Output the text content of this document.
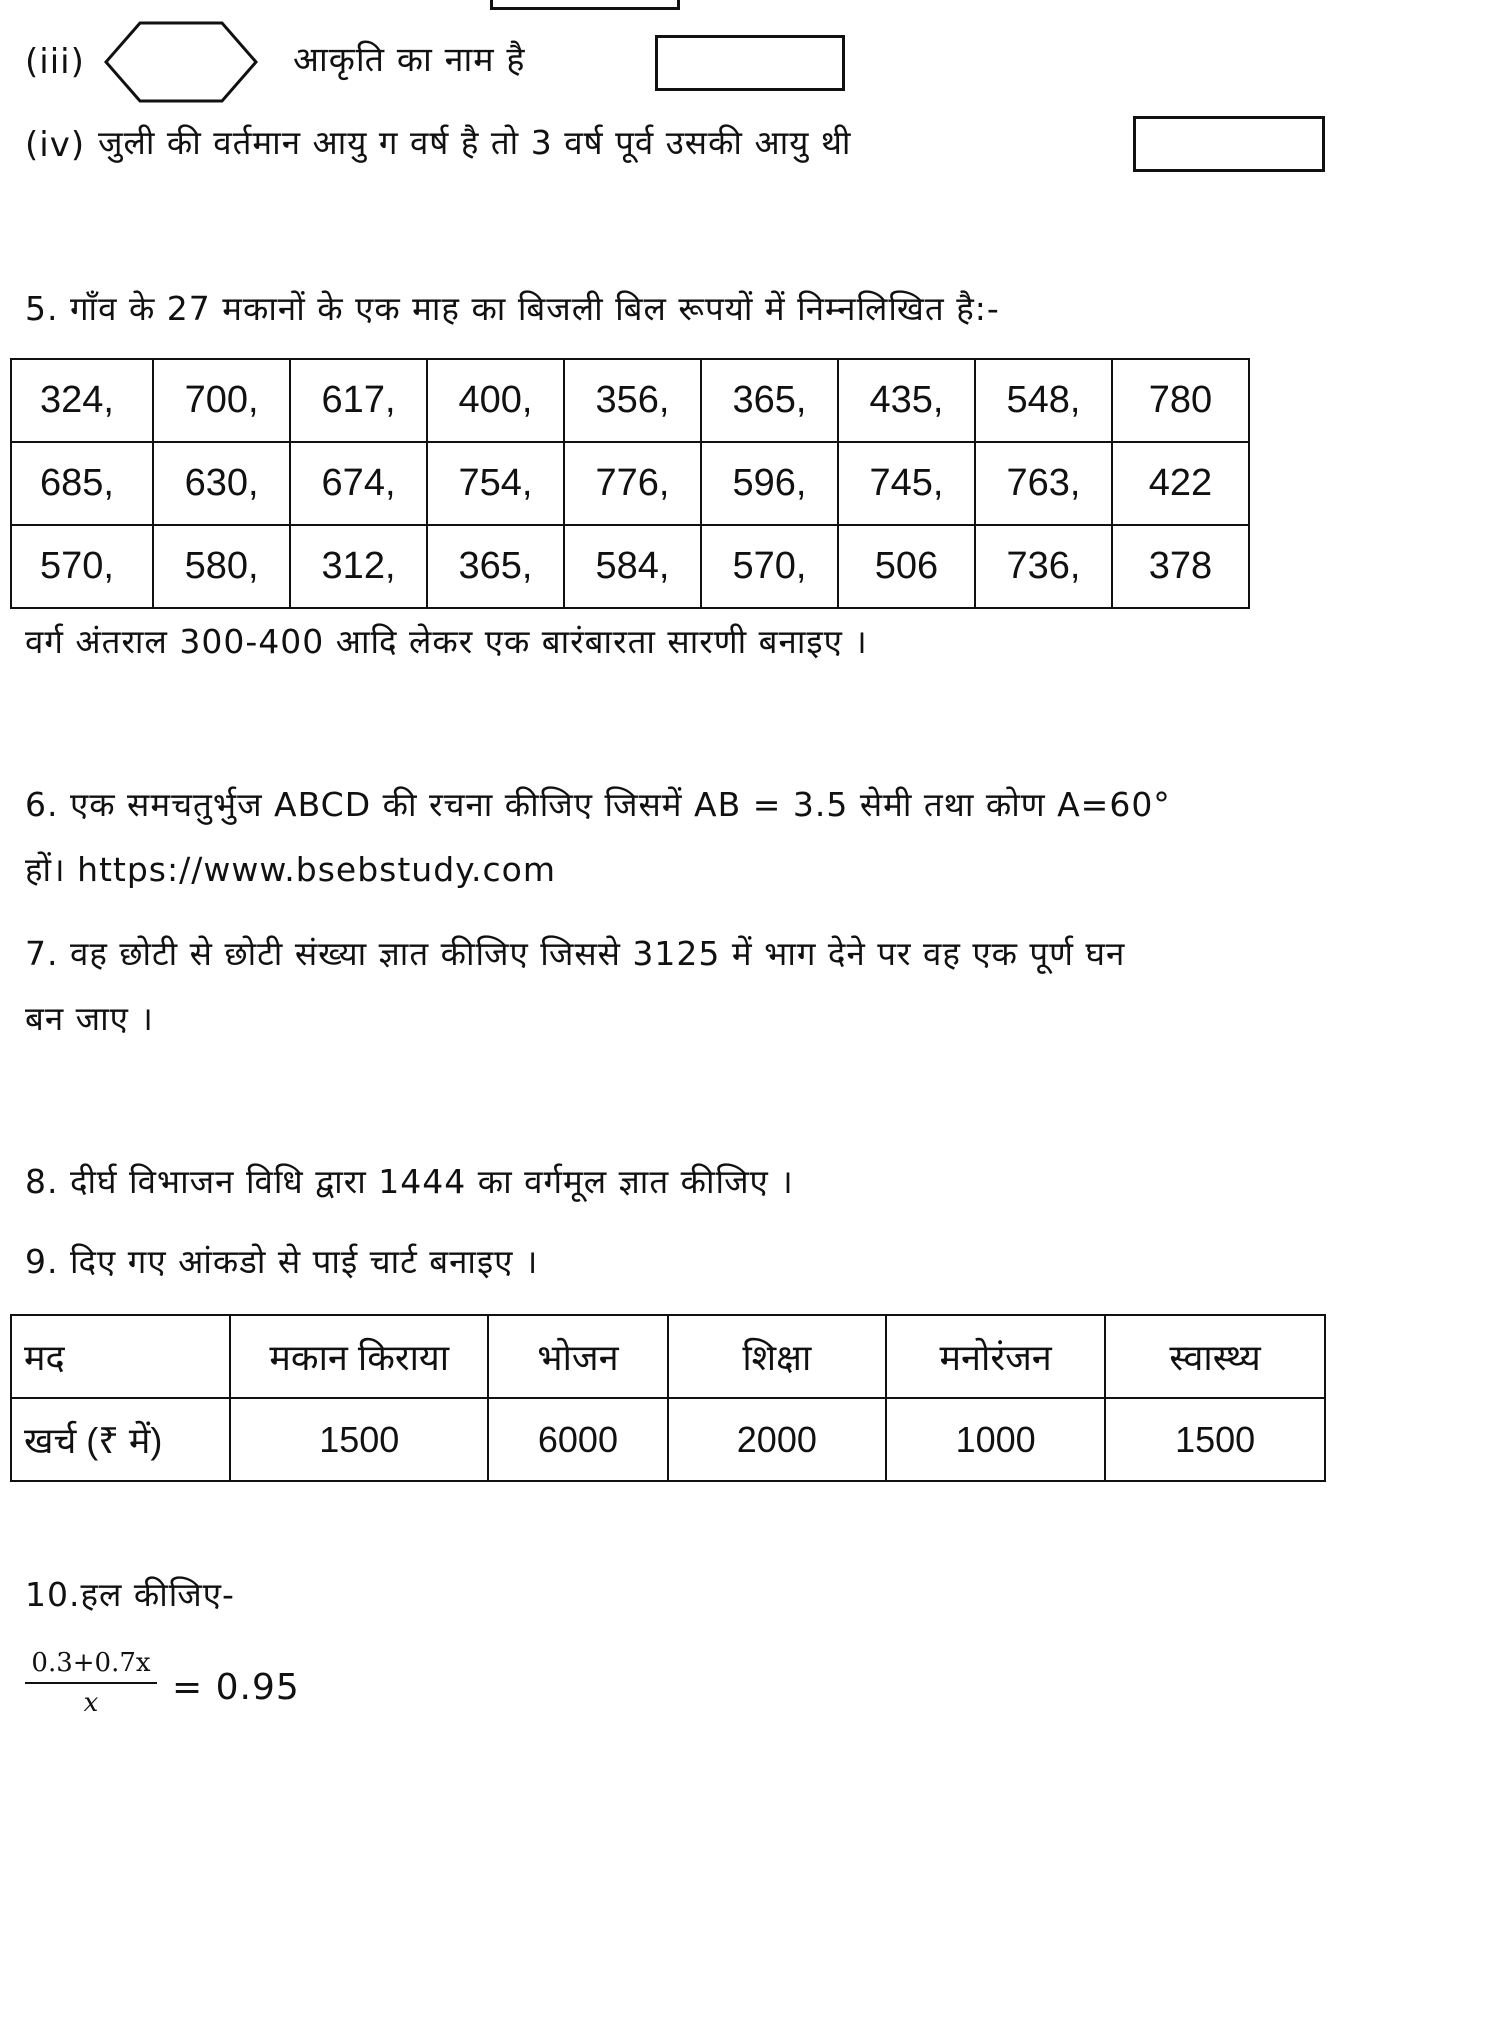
(iii)	आकृति का नाम है
(iv) जुली की वर्तमान आयु ग वर्ष है तो 3 वर्ष पूर्व उसकी आयु थी
5. गाँव के 27 मकानों के एक माह का बिजली बिल रूपयों में निम्नलिखित है:-
324,	700,	617,	400,	356,	365,	435,	548,	780
685,	630,	674,	754,	776,	596,	745,	763,	422
570,	580,	312,	365,	584,	570,	506	736,	378
वर्ग अंतराल 300-400 आदि लेकर एक बारंबारता सारणी बनाइए ।
6. एक समचतुर्भुज ABCD की रचना कीजिए जिसमें AB = 3.5 सेमी तथा कोण A=60°
हों। https://www.bsebstudy.com
7. वह छोटी से छोटी संख्या ज्ञात कीजिए जिससे 3125 में भाग देने पर वह एक पूर्ण घन
बन जाए ।
8. दीर्घ विभाजन विधि द्वारा 1444 का वर्गमूल ज्ञात कीजिए ।
9. दिए गए आंकडो से पाई चार्ट बनाइए ।
मद	मकान किराया	भोजन	शिक्षा	मनोरंजन	स्वास्थ्य
खर्च (₹ में)	1500	6000	2000	1000	1500
10.हल कीजिए-
0.3+0.7x
x = 0.95
